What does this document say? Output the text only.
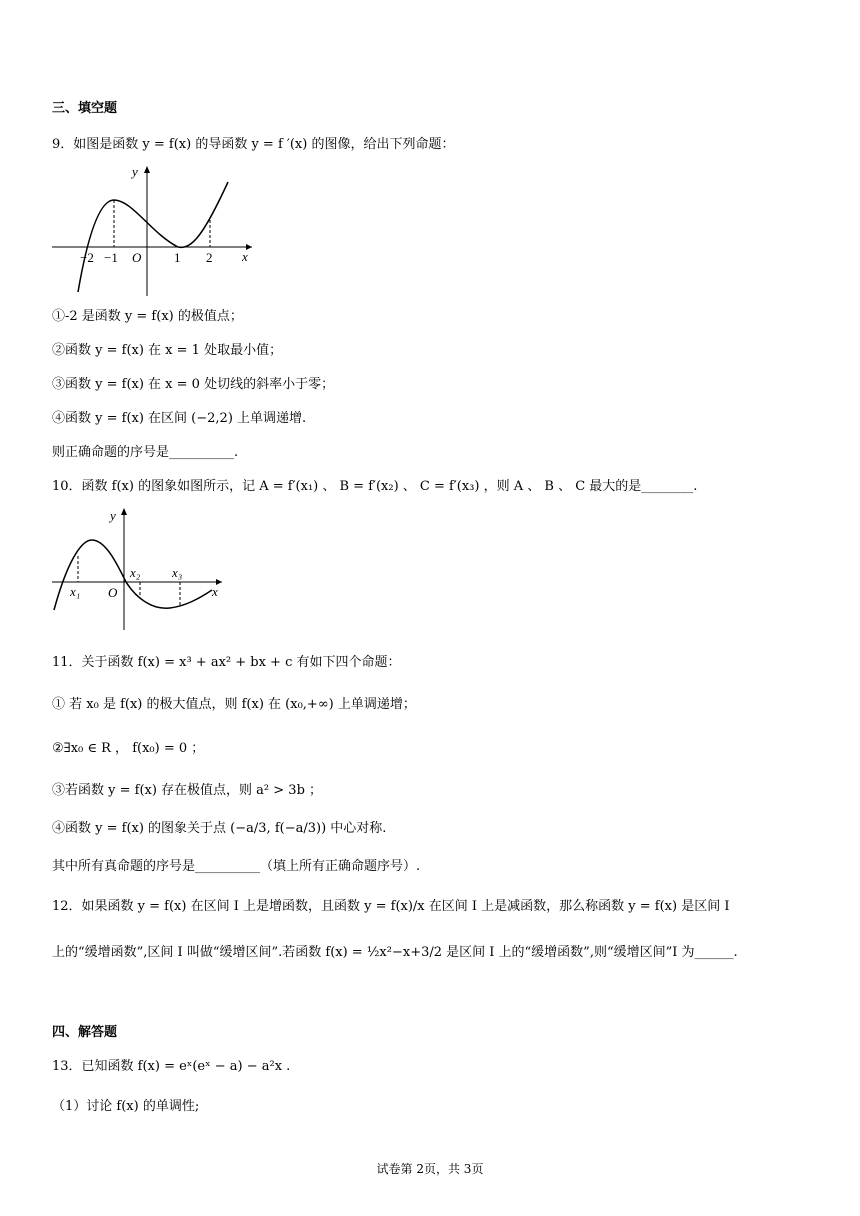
三、填空题
9．如图是函数 y = f(x) 的导函数 y = f ′(x) 的图像，给出下列命题：
y
x
O
−2 −1	1 2
①-2 是函数 y = f(x) 的极值点；
②函数 y = f(x) 在 x = 1 处取最小值；
③函数 y = f(x) 在 x = 0 处切线的斜率小于零；
④函数 y = f(x) 在区间 (−2,2) 上单调递增.
则正确命题的序号是__________.
10．函数 f(x) 的图象如图所示，记 A = f′(x₁) 、 B = f′(x₂) 、 C = f′(x₃) ，则 A 、 B 、 C 最大的是________.
y
x
O
x₁
x₂ x₃
11．关于函数 f(x) = x³ + ax² + bx + c 有如下四个命题：
① 若 x₀ 是 f(x) 的极大值点，则 f(x) 在 (x₀,+∞) 上单调递增；
②∃x₀ ∈ R ， f(x₀) = 0 ；
③若函数 y = f(x) 存在极值点，则 a² > 3b ；
④函数 y = f(x) 的图象关于点 (−a/3, f(−a/3)) 中心对称.
其中所有真命题的序号是__________（填上所有正确命题序号）.
12．如果函数 y = f(x) 在区间 I 上是增函数，且函数 y = f(x)/x 在区间 I 上是减函数，那么称函数 y = f(x) 是区间 I
上的“缓增函数”,区间 I 叫做“缓增区间”.若函数 f(x) = ½x²−x+3/2 是区间 I 上的“缓增函数”,则“缓增区间”I 为______.
四、解答题
13．已知函数 f(x) = eˣ(eˣ − a) − a²x .
（1）讨论 f(x) 的单调性;
试卷第 2页，共 3页
